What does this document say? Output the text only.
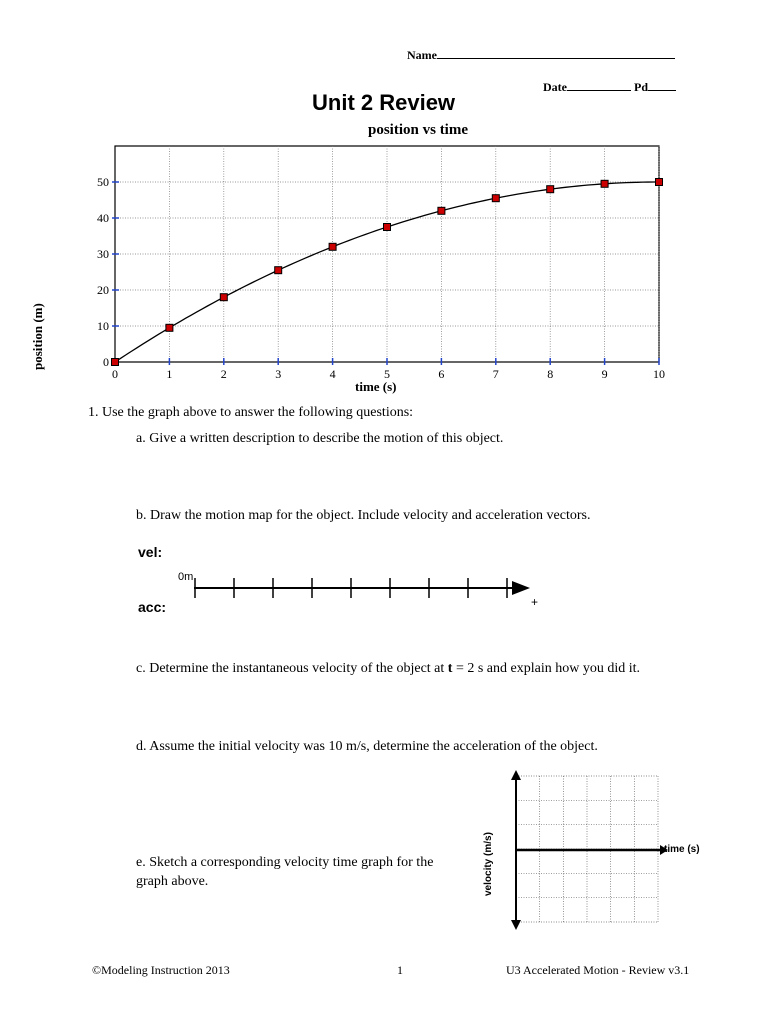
Name
Date	Pd
Unit 2 Review
position vs time
0	1	2	3	4	5	6	7	8	9	10
0
10
20
30
40
50
time (s)
position (m)
1. Use the graph above to answer the following questions:
a. Give a written description to describe the motion of this object.
b. Draw the motion map for the object. Include velocity and acceleration vectors.
vel:
acc:
0m
+
c. Determine the instantaneous velocity of the object at t = 2 s and explain how you did it.
d. Assume the initial velocity was 10 m/s, determine the acceleration of the object.
e. Sketch a corresponding velocity time graph for the graph above.
time (s)
velocity (m/s)
©Modeling Instruction 2013	1	U3 Accelerated Motion - Review v3.1
